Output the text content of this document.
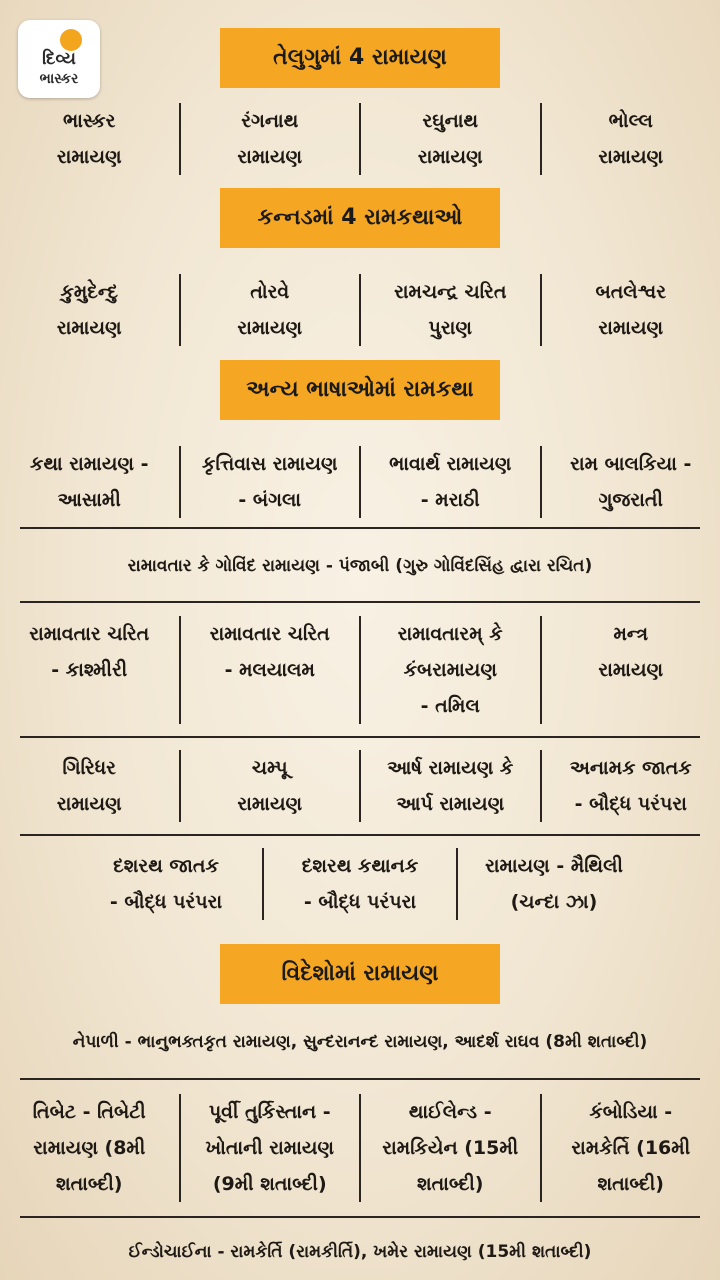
દિવ્ય
ભાસ્કર
તેલુગુમાં 4 રામાયણ
ભાસ્કર
રામાયણ
રંગનાથ
રામાયણ
રઘુનાથ
રામાયણ
ભોલ્લ
રામાયણ
કન્નડમાં 4 રામકથાઓ
કુમુદેન્દુ
રામાયણ
તોરવે
રામાયણ
રામચન્દ્ર ચરિત
પુરાણ
બતલેશ્વર
રામાયણ
અન્ય ભાષાઓમાં રામકથા
કથા રામાયણ -
આસામી
કૃત્તિવાસ રામાયણ
- બંગલા
ભાવાર્થ રામાયણ
- મરાઠી
રામ બાલકિયા -
ગુજરાતી
રામાવતાર કે ગોવિંદ રામાયણ - પંજાબી (ગુરુ ગોવિંદસિંહ દ્વારા રચિત)
રામાવતાર ચરિત
- કાશ્મીરી
રામાવતાર ચરિત
- મલયાલમ
રામાવતારમ્ કે
કંબરામાયણ
- તમિલ
મન્ત્ર
રામાયણ
ગિરિધર
રામાયણ
ચમ્પૂ
રામાયણ
આર્ષ રામાયણ કે
આર્પ રામાયણ
અનામક જાતક
- બૌદ્ધ પરંપરા
દશરથ જાતક
- બૌદ્ધ પરંપરા
દશરથ કથાનક
- બૌદ્ધ પરંપરા
રામાયણ - મૈથિલી
(ચન્દા ઝા)
વિદેશોમાં રામાયણ
નેપાળી - ભાનુભક્તકૃત રામાયણ, સુન્દરાનન્દ રામાયણ, આદર્શ રાઘવ (8મી શતાબ્દી)
તિબેટ - તિબેટી
રામાયણ (8મી
શતાબ્દી)
પૂર્વી તુર્કિસ્તાન -
ખોતાની રામાયણ
(9મી શતાબ્દી)
થાઈલેન્ડ -
રામકિયેન (15મી
શતાબ્દી)
કંબોડિયા -
રામકેર્તિ (16મી
શતાબ્દી)
ઈન્ડોચાઈના - રામકેર્તિ (રામકીર્તિ), ખમેર રામાયણ (15મી શતાબ્દી)
